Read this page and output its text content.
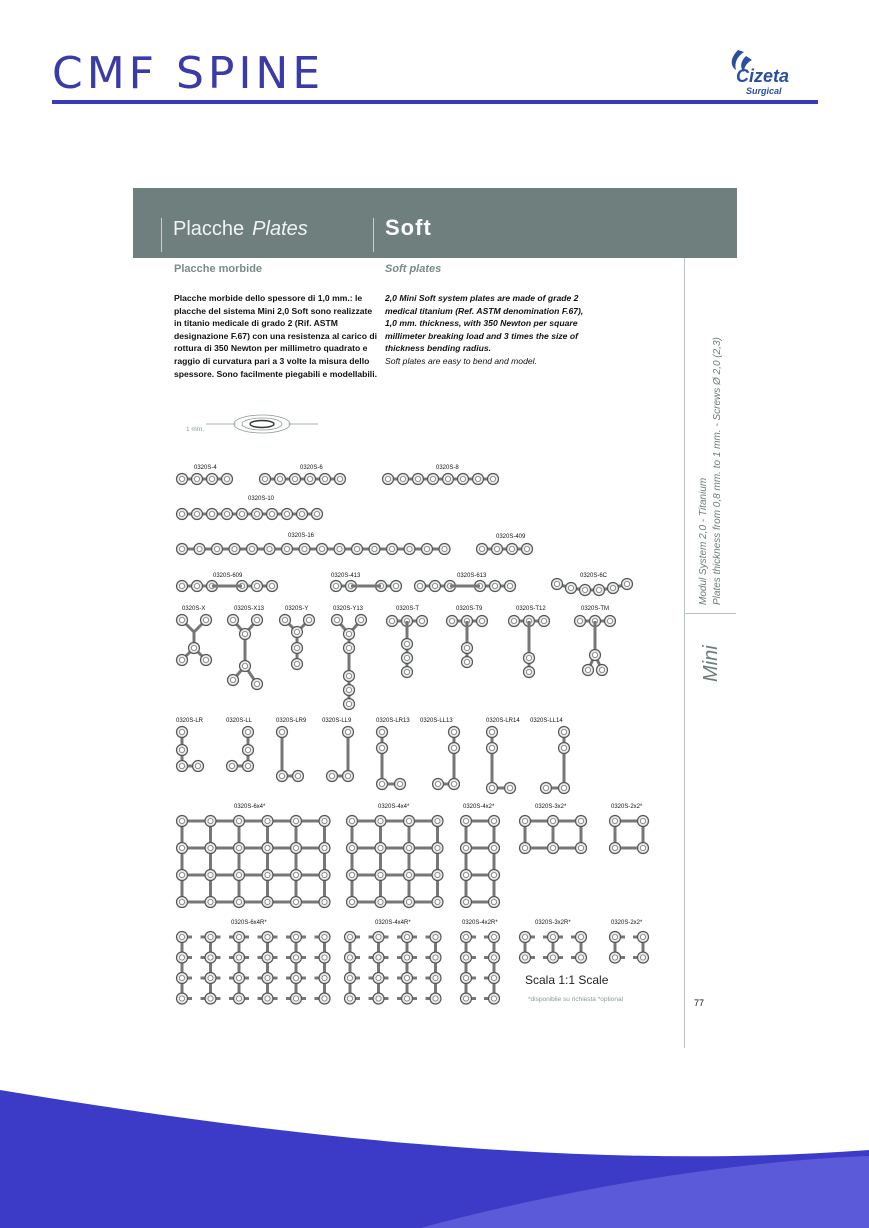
CMF SPINE	Cizeta
Surgical
Placche Plates	Soft
Placche morbide	Soft plates
Placche morbide dello spessore di 1,0 mm.: le placche del sistema Mini 2,0 Soft sono realizzate in titanio medicale di grado 2 (Rif. ASTM designazione F.67) con una resistenza al carico di rottura di 350 Newton per millimetro quadrato e raggio di curvatura pari a 3 volte la misura dello spessore. Sono facilmente piegabili e modellabili.
2,0 Mini Soft system plates are made of grade 2 medical titanium (Ref. ASTM denomination F.67), 1,0 mm. thickness, with 350 Newton per square millimeter breaking load and 3 times the size of thickness bending radius.
Soft plates are easy to bend and model.
Modul System 2,0 - Titanium Plates thickness from 0,8 mm. to 1 mm. - Screws Ø 2,0 (2,3)
Mini
77
1 mm.
0320S-4	0320S-6	0320S-8
0320S-10
0320S-16	0320S-409
0320S-609	0320S-413	0320S-613	0320S-6C
0320S-X	0320S-X13	0320S-Y	0320S-Y13	0320S-T	0320S-T9	0320S-T12	0320S-TM
0320S-LR	0320S-LL	0320S-LR9	0320S-LL9	0320S-LR13 0320S-LL13	0320S-LR14 0320S-LL14
0320S-6x4*	0320S-4x4*	0320S-4x2*	0320S-3x2*	0320S-2x2*
0320S-6x4R*	0320S-4x4R*	0320S-4x2R*	0320S-3x2R*	0320S-2x2*
Scala 1:1 Scale
*disponibile su richiesta *optional
